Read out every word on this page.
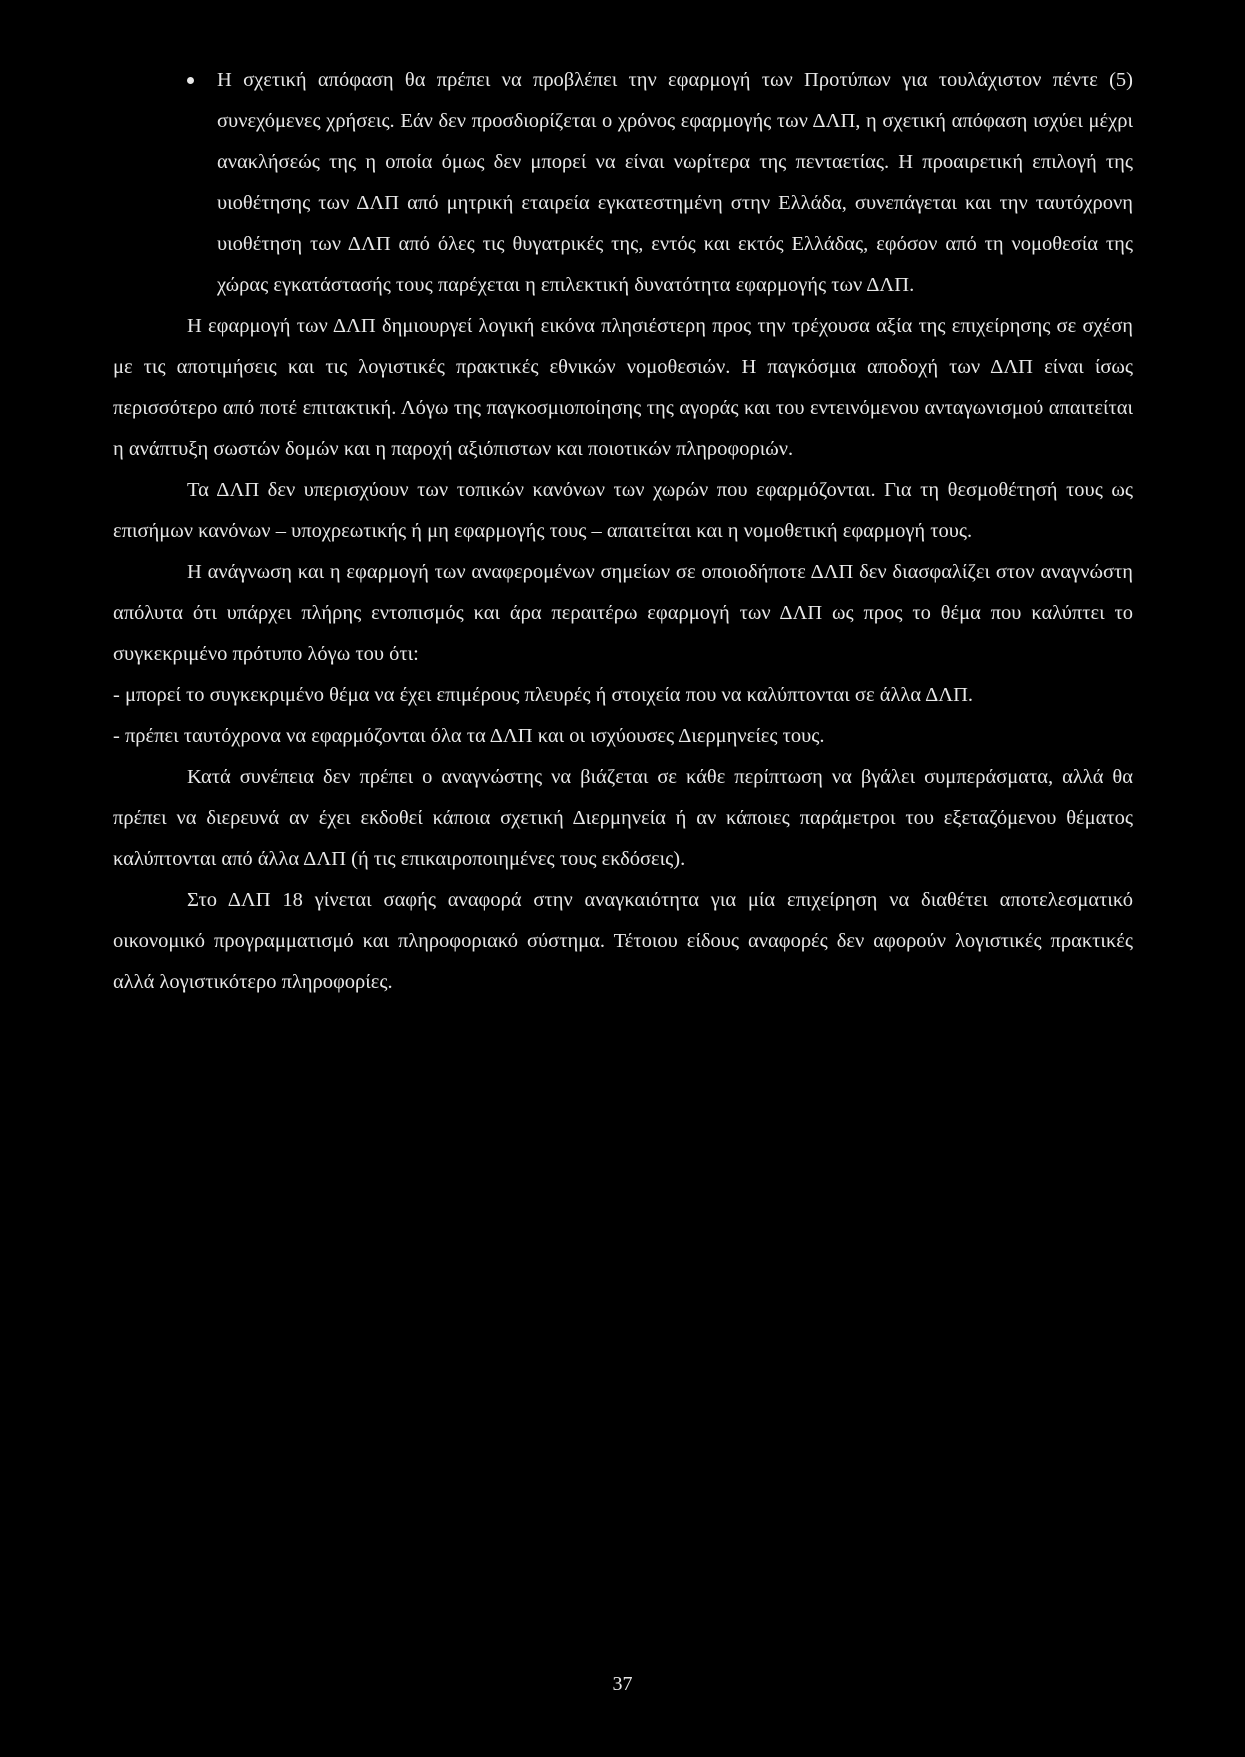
Η σχετική απόφαση θα πρέπει να προβλέπει την εφαρμογή των Προτύπων για τουλάχιστον πέντε (5) συνεχόμενες χρήσεις. Εάν δεν προσδιορίζεται ο χρόνος εφαρμογής των ΔΛΠ, η σχετική απόφαση ισχύει μέχρι ανακλήσεώς της η οποία όμως δεν μπορεί να είναι νωρίτερα της πενταετίας. Η προαιρετική επιλογή της υιοθέτησης των ΔΛΠ από μητρική εταιρεία εγκατεστημένη στην Ελλάδα, συνεπάγεται και την ταυτόχρονη υιοθέτηση των ΔΛΠ από όλες τις θυγατρικές της, εντός και εκτός Ελλάδας, εφόσον από τη νομοθεσία της χώρας εγκατάστασής τους παρέχεται η επιλεκτική δυνατότητα εφαρμογής των ΔΛΠ.

Η εφαρμογή των ΔΛΠ δημιουργεί λογική εικόνα πλησιέστερη προς την τρέχουσα αξία της επιχείρησης σε σχέση με τις αποτιμήσεις και τις λογιστικές πρακτικές εθνικών νομοθεσιών. Η παγκόσμια αποδοχή των ΔΛΠ είναι ίσως περισσότερο από ποτέ επιτακτική. Λόγω της παγκοσμιοποίησης της αγοράς και του εντεινόμενου ανταγωνισμού απαιτείται η ανάπτυξη σωστών δομών και η παροχή αξιόπιστων και ποιοτικών πληροφοριών.

Τα ΔΛΠ δεν υπερισχύουν των τοπικών κανόνων των χωρών που εφαρμόζονται. Για τη θεσμοθέτησή τους ως επισήμων κανόνων – υποχρεωτικής ή μη εφαρμογής τους – απαιτείται και η νομοθετική εφαρμογή τους.

Η ανάγνωση και η εφαρμογή των αναφερομένων σημείων σε οποιοδήποτε ΔΛΠ δεν διασφαλίζει στον αναγνώστη απόλυτα ότι υπάρχει πλήρης εντοπισμός και άρα περαιτέρω εφαρμογή των ΔΛΠ ως προς το θέμα που καλύπτει το συγκεκριμένο πρότυπο λόγω του ότι:

- μπορεί το συγκεκριμένο θέμα να έχει επιμέρους πλευρές ή στοιχεία που να καλύπτονται σε άλλα ΔΛΠ.

- πρέπει ταυτόχρονα να εφαρμόζονται όλα τα ΔΛΠ και οι ισχύουσες Διερμηνείες τους.

Κατά συνέπεια δεν πρέπει ο αναγνώστης να βιάζεται σε κάθε περίπτωση να βγάλει συμπεράσματα, αλλά θα πρέπει να διερευνά αν έχει εκδοθεί κάποια σχετική Διερμηνεία ή αν κάποιες παράμετροι του εξεταζόμενου θέματος καλύπτονται από άλλα ΔΛΠ (ή τις επικαιροποιημένες τους εκδόσεις).

Στο ΔΛΠ 18 γίνεται σαφής αναφορά στην αναγκαιότητα για μία επιχείρηση να διαθέτει αποτελεσματικό οικονομικό προγραμματισμό και πληροφοριακό σύστημα. Τέτοιου είδους αναφορές δεν αφορούν λογιστικές πρακτικές αλλά λογιστικότερο πληροφορίες.

37
